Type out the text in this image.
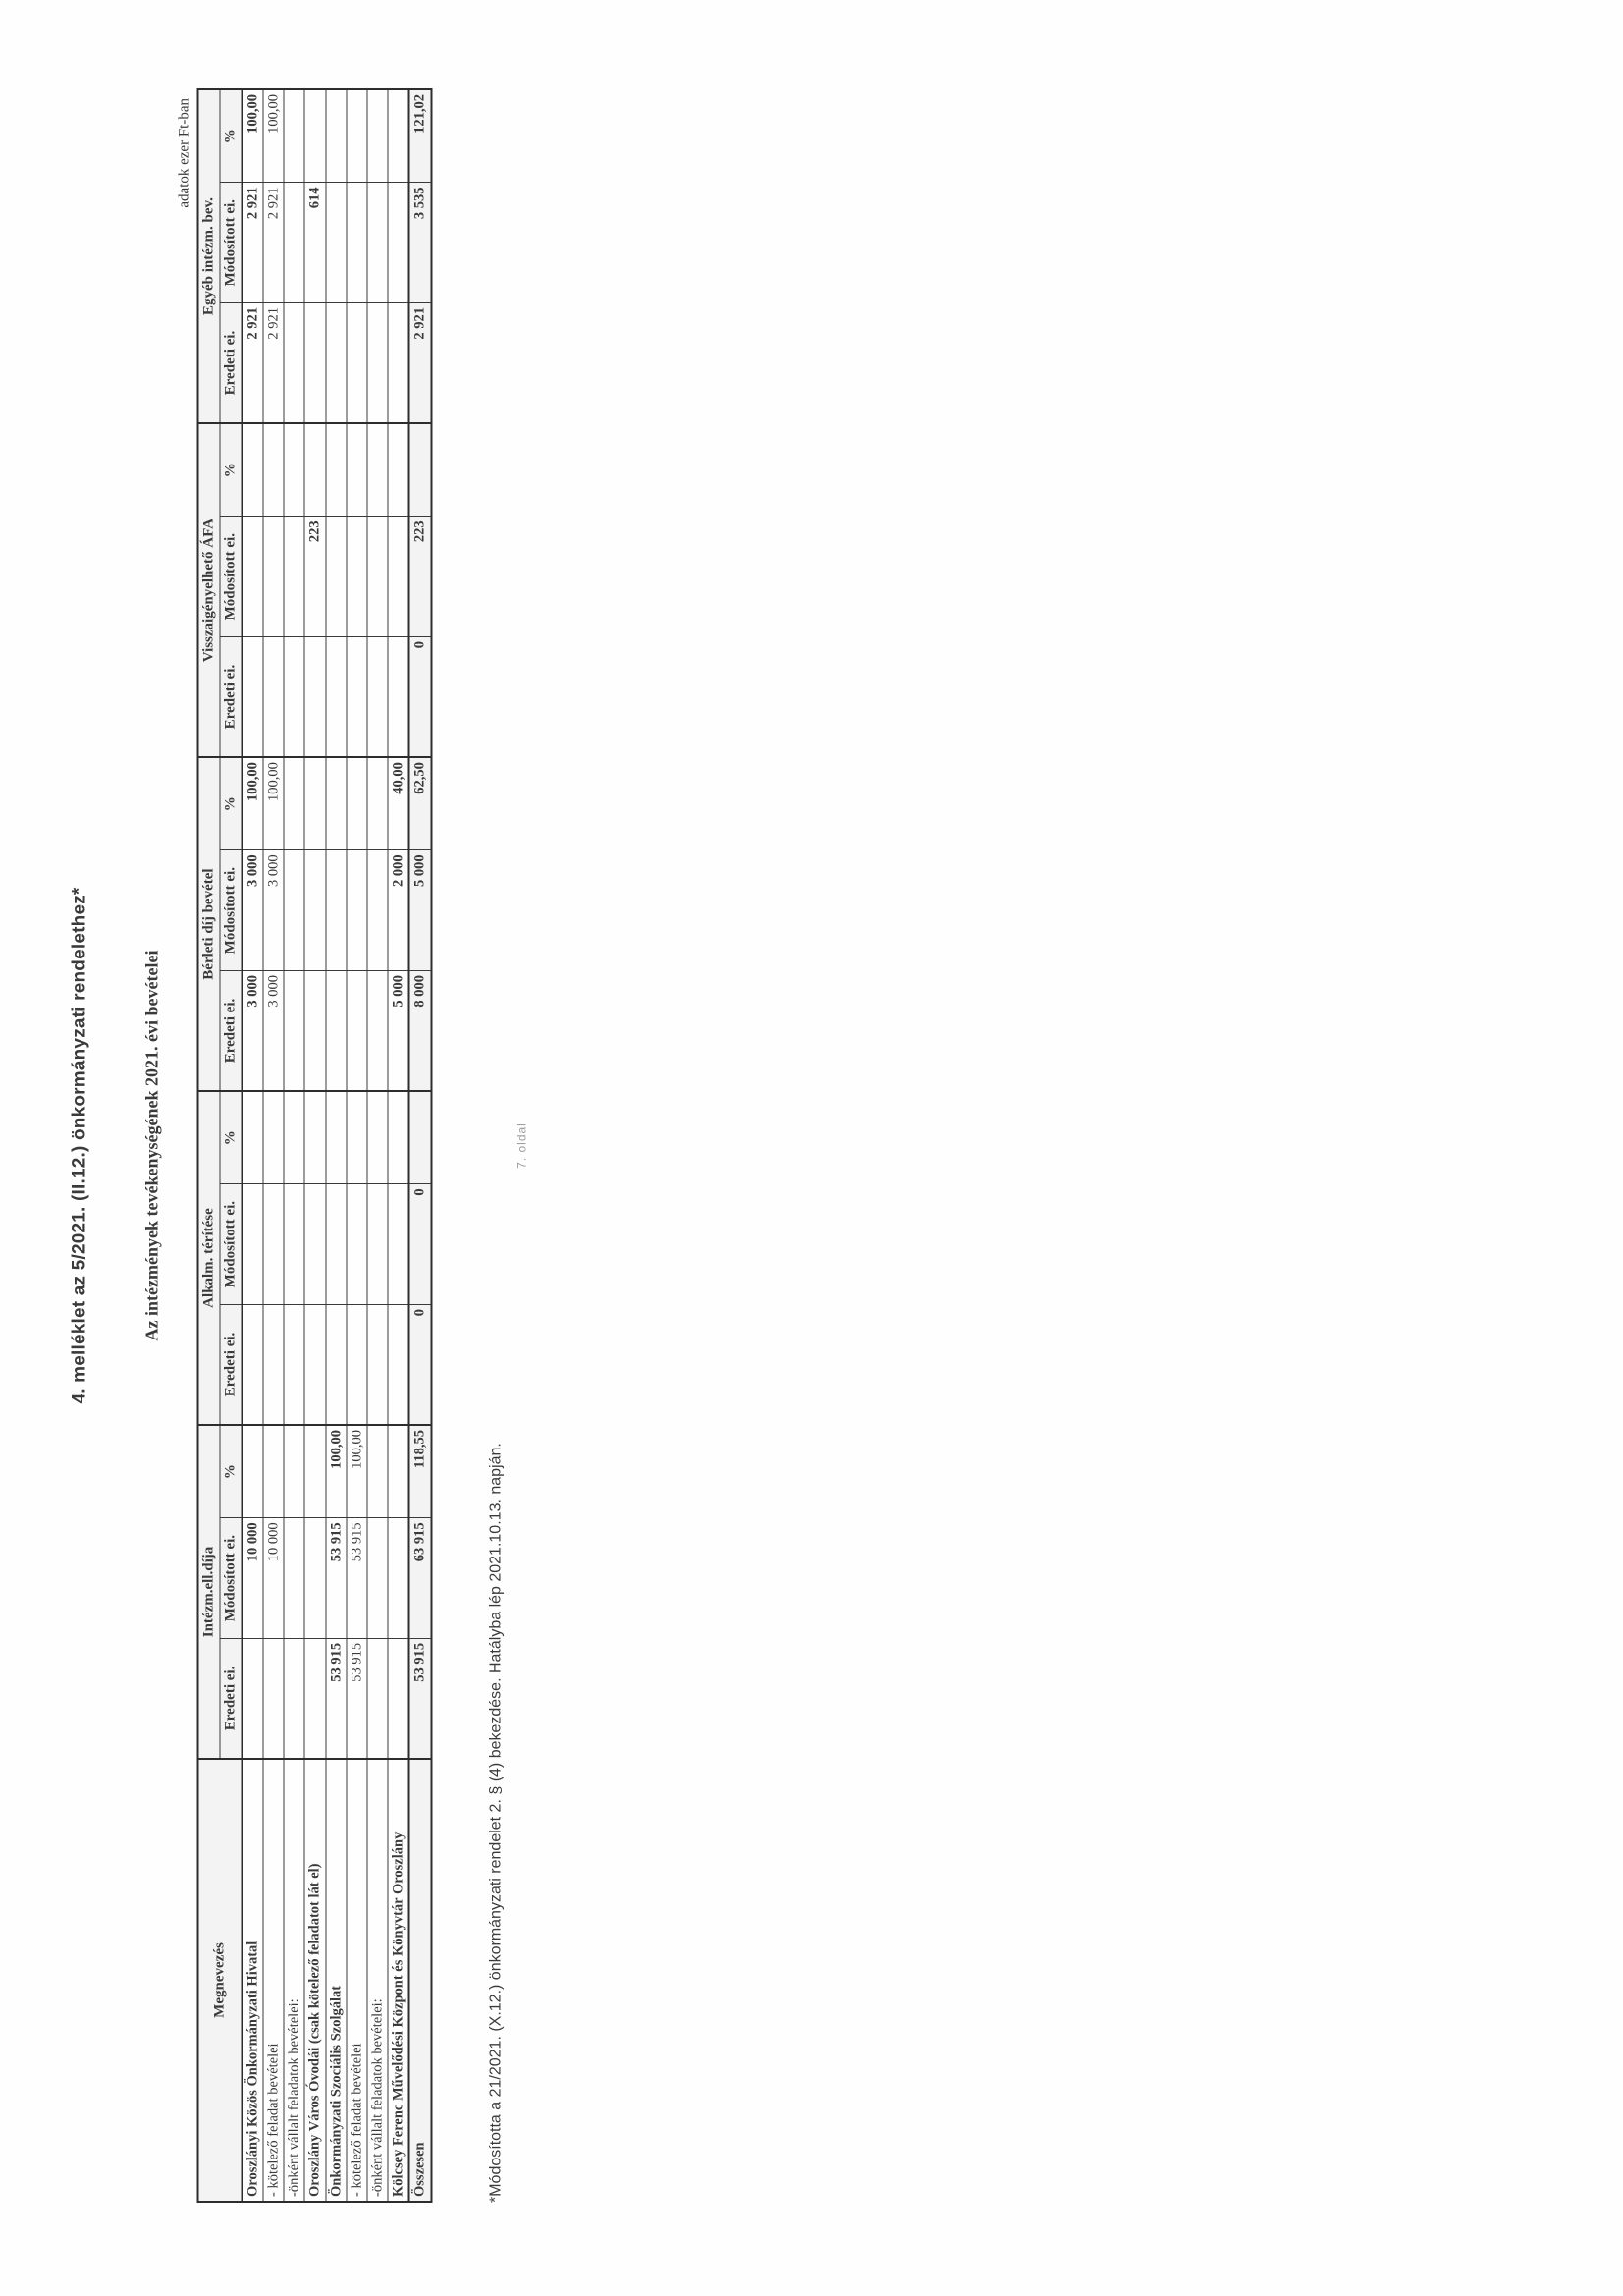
4. melléklet az 5/2021. (II.12.) önkormányzati rendelethez*	Az intézmények tevékenységének 2021. évi bevételei
adatok ezer Ft-ban
Megnevezés	Intézm.ell.díja			Alkalm. térítése			Bérleti díj bevétel			Visszaigényelhető ÁFA			Egyéb intézm. bev.		
	Eredeti ei.	Módosított ei.	%	Eredeti ei.	Módosított ei.	%	Eredeti ei.	Módosított ei.	%	Eredeti ei.	Módosított ei.	%	Eredeti ei.	Módosított ei.	%
Oroszlányi Közös Önkormányzati Hivatal		10 000					3 000	3 000	100,00				2 921	2 921	100,00
- kötelező feladat bevételei		10 000					3 000	3 000	100,00				2 921	2 921	100,00
-önként vállalt feladatok bevételei:															
Oroszlány Város Óvodái (csak kötelező feladatot lát el)											223			614	
Önkormányzati Szociális Szolgálat	53 915	53 915	100,00												
- kötelező feladat bevételei	53 915	53 915	100,00												
-önként vállalt feladatok bevételei:															
Kölcsey Ferenc Művelődési Központ és Könyvtár Oroszlány							5 000	2 000	40,00						
Összesen	53 915	63 915	118,55	0	0		8 000	5 000	62,50	0	223		2 921	3 535	121,02
*Módosította a 21/2021. (X.12.) önkormányzati rendelet 2. § (4) bekezdése. Hatályba lép 2021.10.13. napján.
7. oldal
